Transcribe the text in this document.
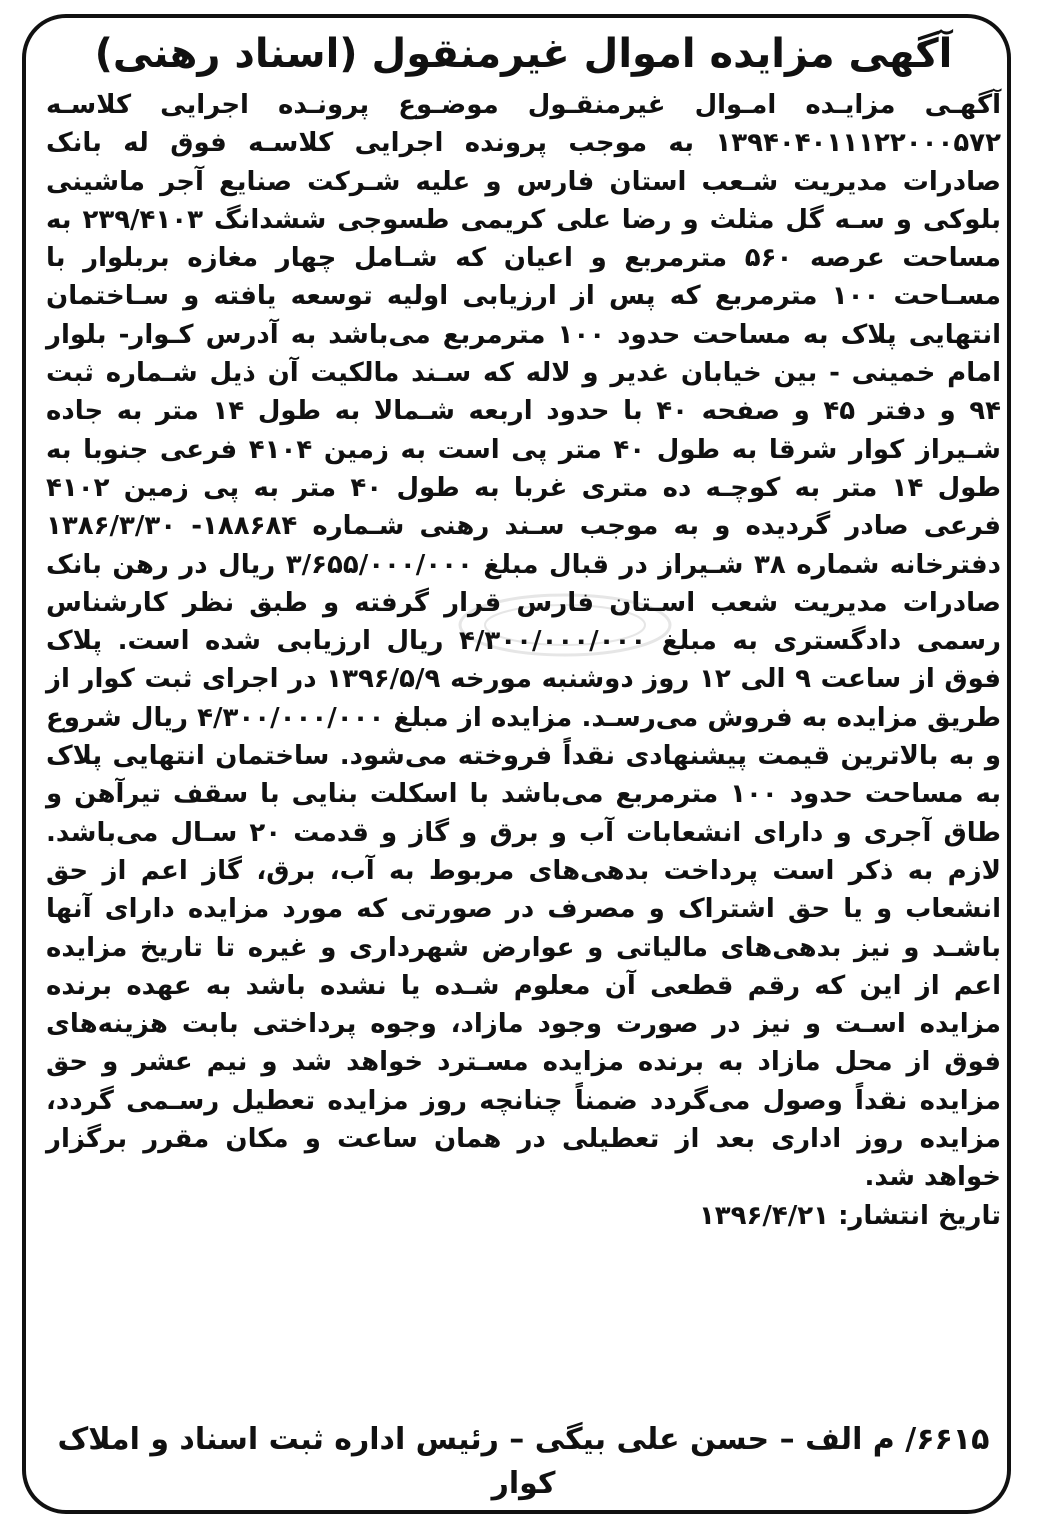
آگهی مزایده اموال غیرمنقول (اسناد رهنی)

آگهـی مزایـده امـوال غیرمنقـول موضـوع پرونـده اجرایی کلاسـه ۱۳۹۴۰۴۰۱۱۱۲۲۰۰۰۵۷۲ به موجب پرونده اجرایی کلاسـه فوق له بانک صادرات مدیریت شـعب استان فارس و علیه شـرکت صنایع آجر ماشینی بلوکی و سـه گل مثلث و رضا علی کریمی طسوجی ششدانگ ۲۳۹/۴۱۰۳ به مساحت عرصه ۵۶۰ مترمربع و اعیان که شـامل چهار مغازه بربلوار با مسـاحت ۱۰۰ مترمربع که پس از ارزیابی اولیه توسعه یافته و سـاختمان انتهایی پلاک به مساحت حدود ۱۰۰ مترمربع می‌باشد به آدرس کـوار- بلوار امام خمینی - بین خیابان غدیر و لاله که سـند مالکیت آن ذیل شـماره ثبت ۹۴ و دفتر ۴۵ و صفحه ۴۰ با حدود اربعه شـمالا به طول ۱۴ متر به جاده شـیراز کوار شرقا به طول ۴۰ متر پی است به زمین ۴۱۰۴ فرعی جنوبا به طول ۱۴ متر به کوچـه ده متری غربا به طول ۴۰ متر به پی زمین ۴۱۰۲ فرعی صادر گردیده و به موجب سـند رهنی شـماره ۱۸۸۶۸۴- ۱۳۸۶/۳/۳۰ دفترخانه شماره ۳۸ شـیراز در قبال مبلغ ۳/۶۵۵/۰۰۰/۰۰۰ ریال در رهن بانک صادرات مدیریت شعب اسـتان فارس قرار گرفته و طبق نظر کارشناس رسمی دادگستری به مبلغ ۴/۳۰۰/۰۰۰/۰۰۰ ریال ارزیابی شده است. پلاک فوق از ساعت ۹ الی ۱۲ روز دوشنبه مورخه ۱۳۹۶/۵/۹ در اجرای ثبت کوار از طریق مزایده به فروش می‌رسـد. مزایده از مبلغ ۴/۳۰۰/۰۰۰/۰۰۰ ریال شروع و به بالاترین قیمت پیشنهادی نقداً فروخته می‌شود. ساختمان انتهایی پلاک به مساحت حدود ۱۰۰ مترمربع می‌باشد با اسکلت بنایی با سقف تیرآهن و طاق آجری و دارای انشعابات آب و برق و گاز و قدمت ۲۰ سـال می‌باشد. لازم به ذکر است پرداخت بدهی‌های مربوط به آب، برق، گاز اعم از حق انشعاب و یا حق اشتراک و مصرف در صورتی که مورد مزایده دارای آنها باشـد و نیز بدهی‌های مالیاتی و عوارض شهرداری و غیره تا تاریخ مزایده اعم از این که رقم قطعی آن معلوم شـده یا نشده باشد به عهده برنده مزایده اسـت و نیز در صورت وجود مازاد، وجوه پرداختی بابت هزینه‌های فوق از محل مازاد به برنده مزایده مسـترد خواهد شد و نیم عشر و حق مزایده نقداً وصول می‌گردد ضمناً چنانچه روز مزایده تعطیل رسـمی گردد، مزایده روز اداری بعد از تعطیلی در همان ساعت و مکان مقرر برگزار خواهد شد.

تاریخ انتشار: ۱۳۹۶/۴/۲۱

۶۶۱۵/ م الف – حسن علی بیگی – رئیس اداره ثبت اسناد و املاک کوار
